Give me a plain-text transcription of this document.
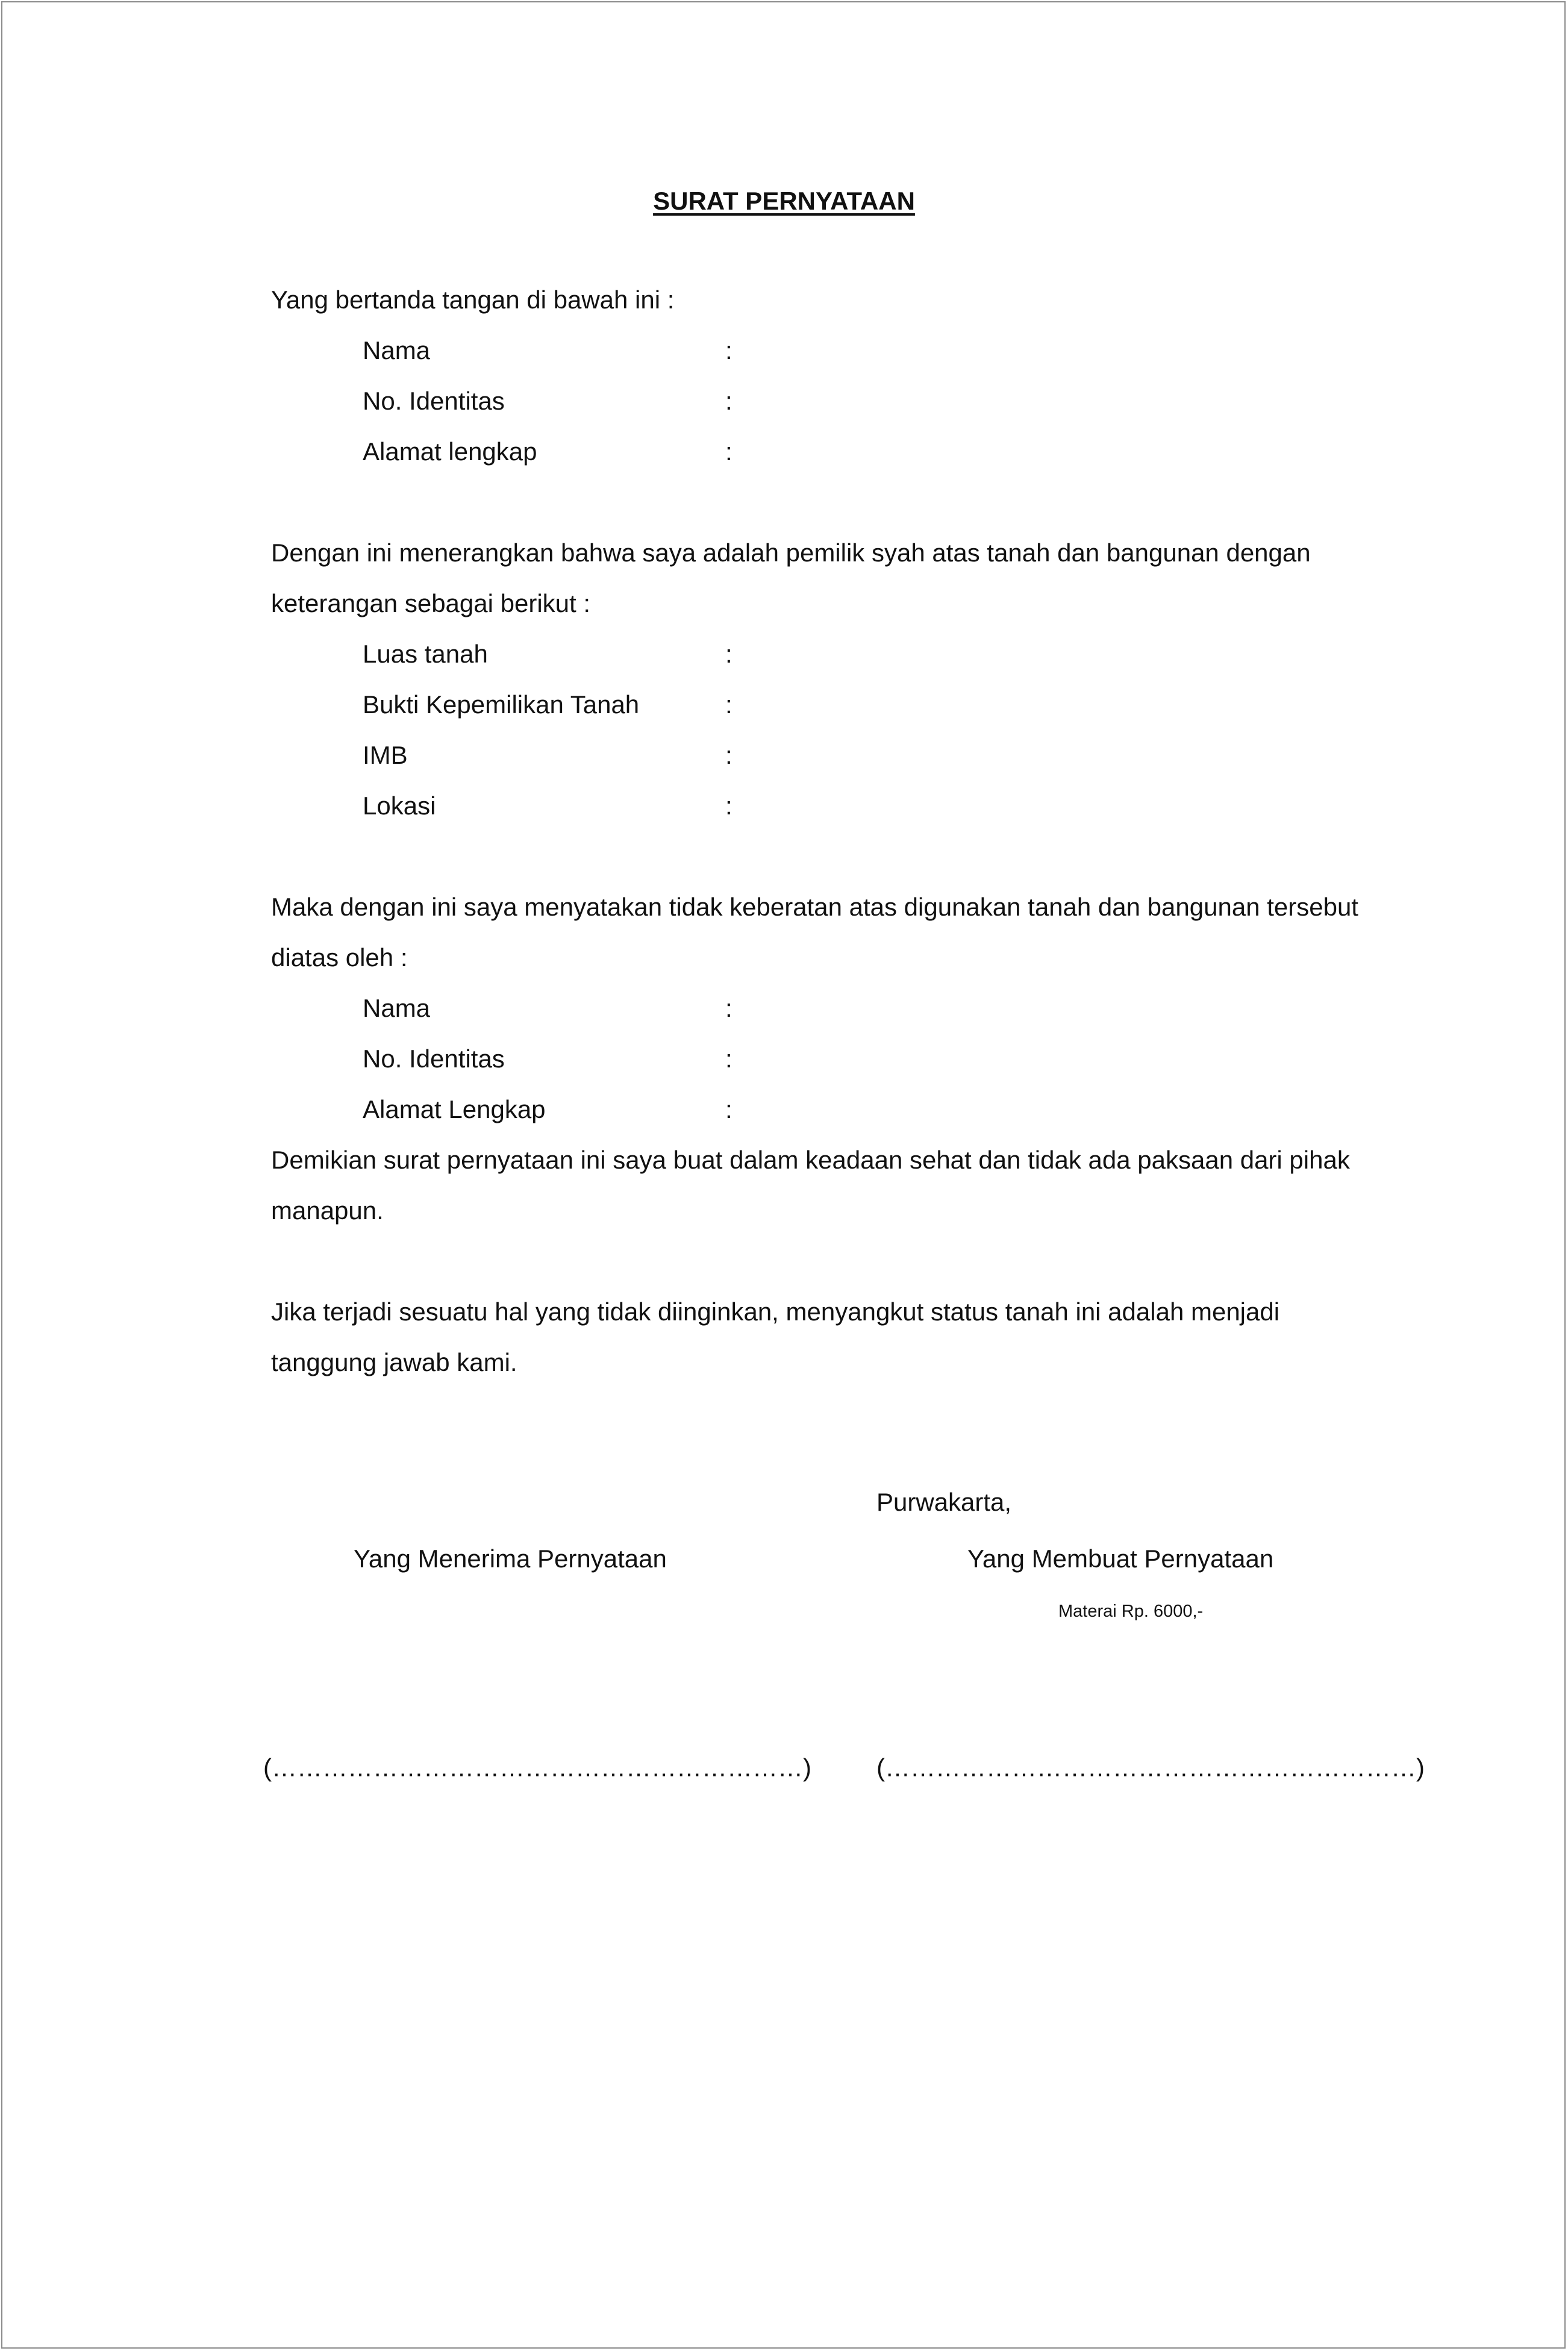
SURAT PERNYATAAN
Yang bertanda tangan di bawah ini :
Nama	:
No. Identitas	:
Alamat lengkap	:
Dengan ini menerangkan bahwa saya adalah pemilik syah atas tanah dan bangunan dengan
keterangan sebagai berikut :
Luas tanah	:
Bukti Kepemilikan Tanah	:
IMB	:
Lokasi	:
Maka dengan ini saya menyatakan tidak keberatan atas digunakan tanah dan bangunan tersebut
diatas oleh :
Nama	:
No. Identitas	:
Alamat Lengkap	:
Demikian surat pernyataan ini saya buat dalam keadaan sehat dan tidak ada paksaan dari pihak
manapun.
Jika terjadi sesuatu hal yang tidak diinginkan, menyangkut status tanah ini adalah menjadi
tanggung jawab kami.
Purwakarta,
Yang Menerima Pernyataan	Yang Membuat Pernyataan
Materai Rp. 6000,-
(………………………………………………………)	(………………………………………………………)
